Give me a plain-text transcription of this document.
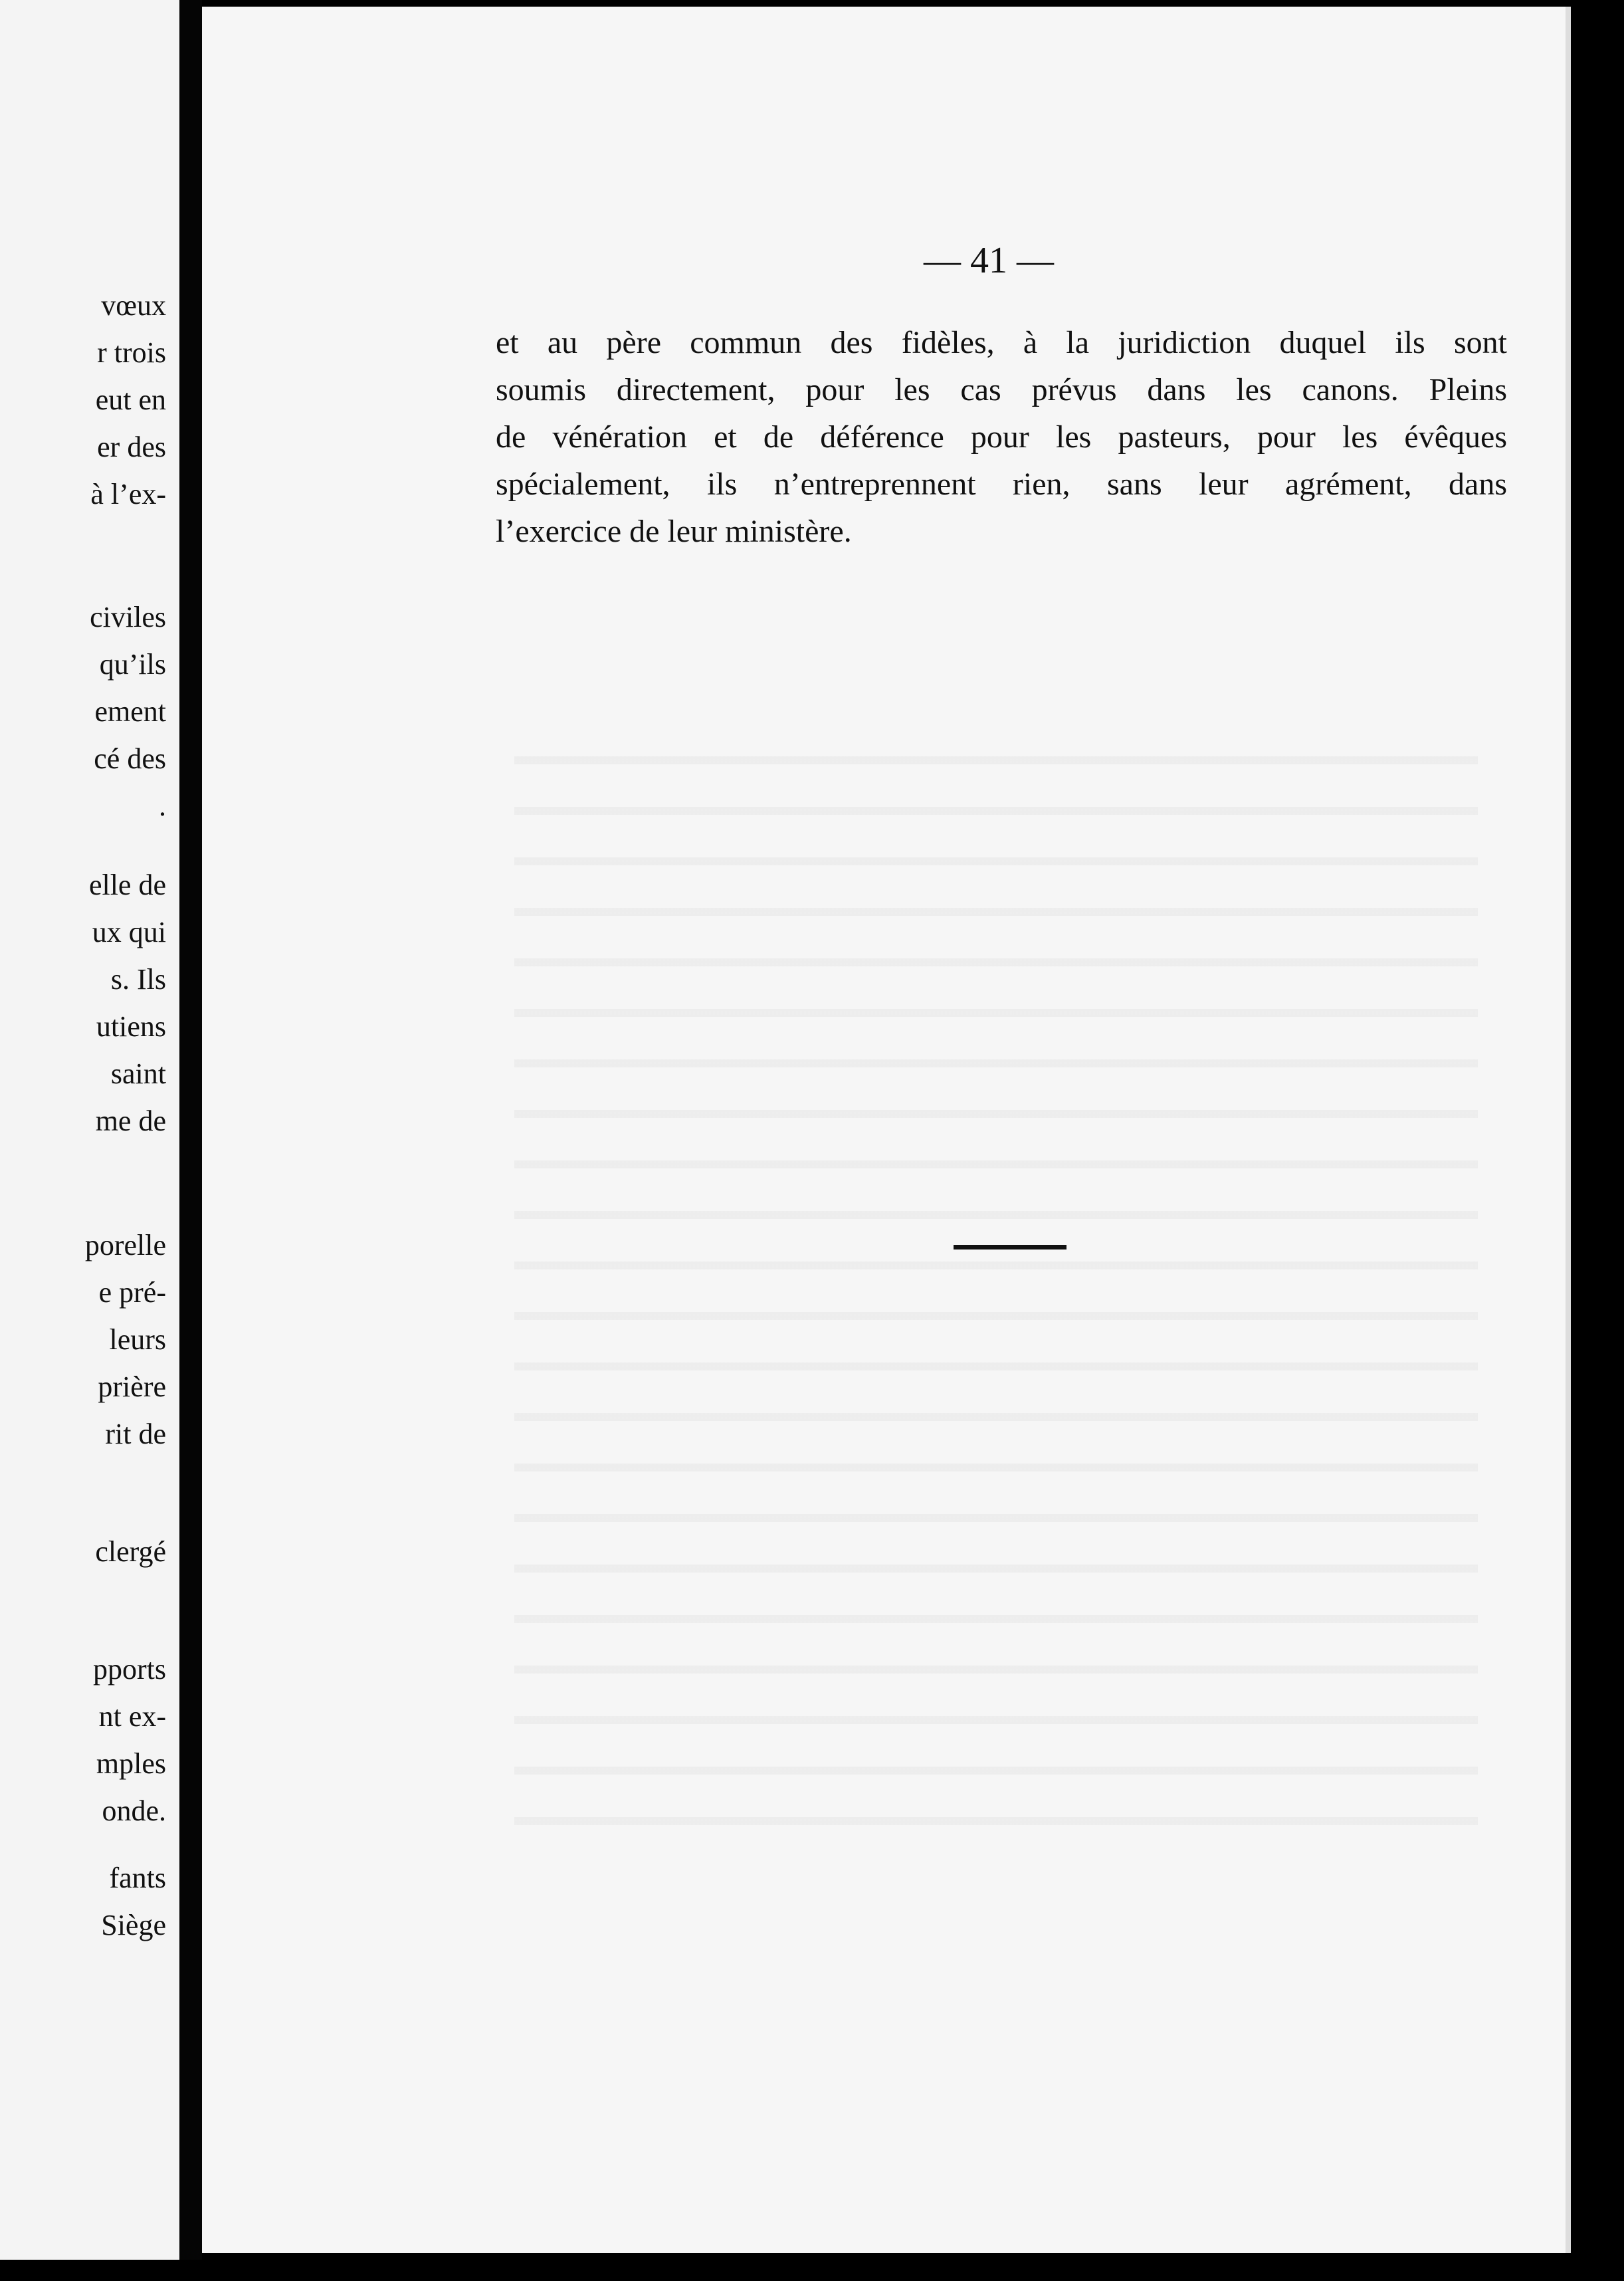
vœux
r trois
eut en
er des
à l’ex-
civiles
qu’ils
ement
cé des
.
elle de
ux qui
s. Ils
utiens
saint
me de
porelle
e pré-
leurs
prière
rit de
clergé
pports
nt ex-
mples
onde.
fants
Siège
— 41 —
et au père commun des fidèles, à la juridiction duquel ils sont
soumis directement, pour les cas prévus dans les canons. Pleins
de vénération et de déférence pour les pasteurs, pour les évêques
spécialement, ils n’entreprennent rien, sans leur agrément, dans
l’exercice de leur ministère.
